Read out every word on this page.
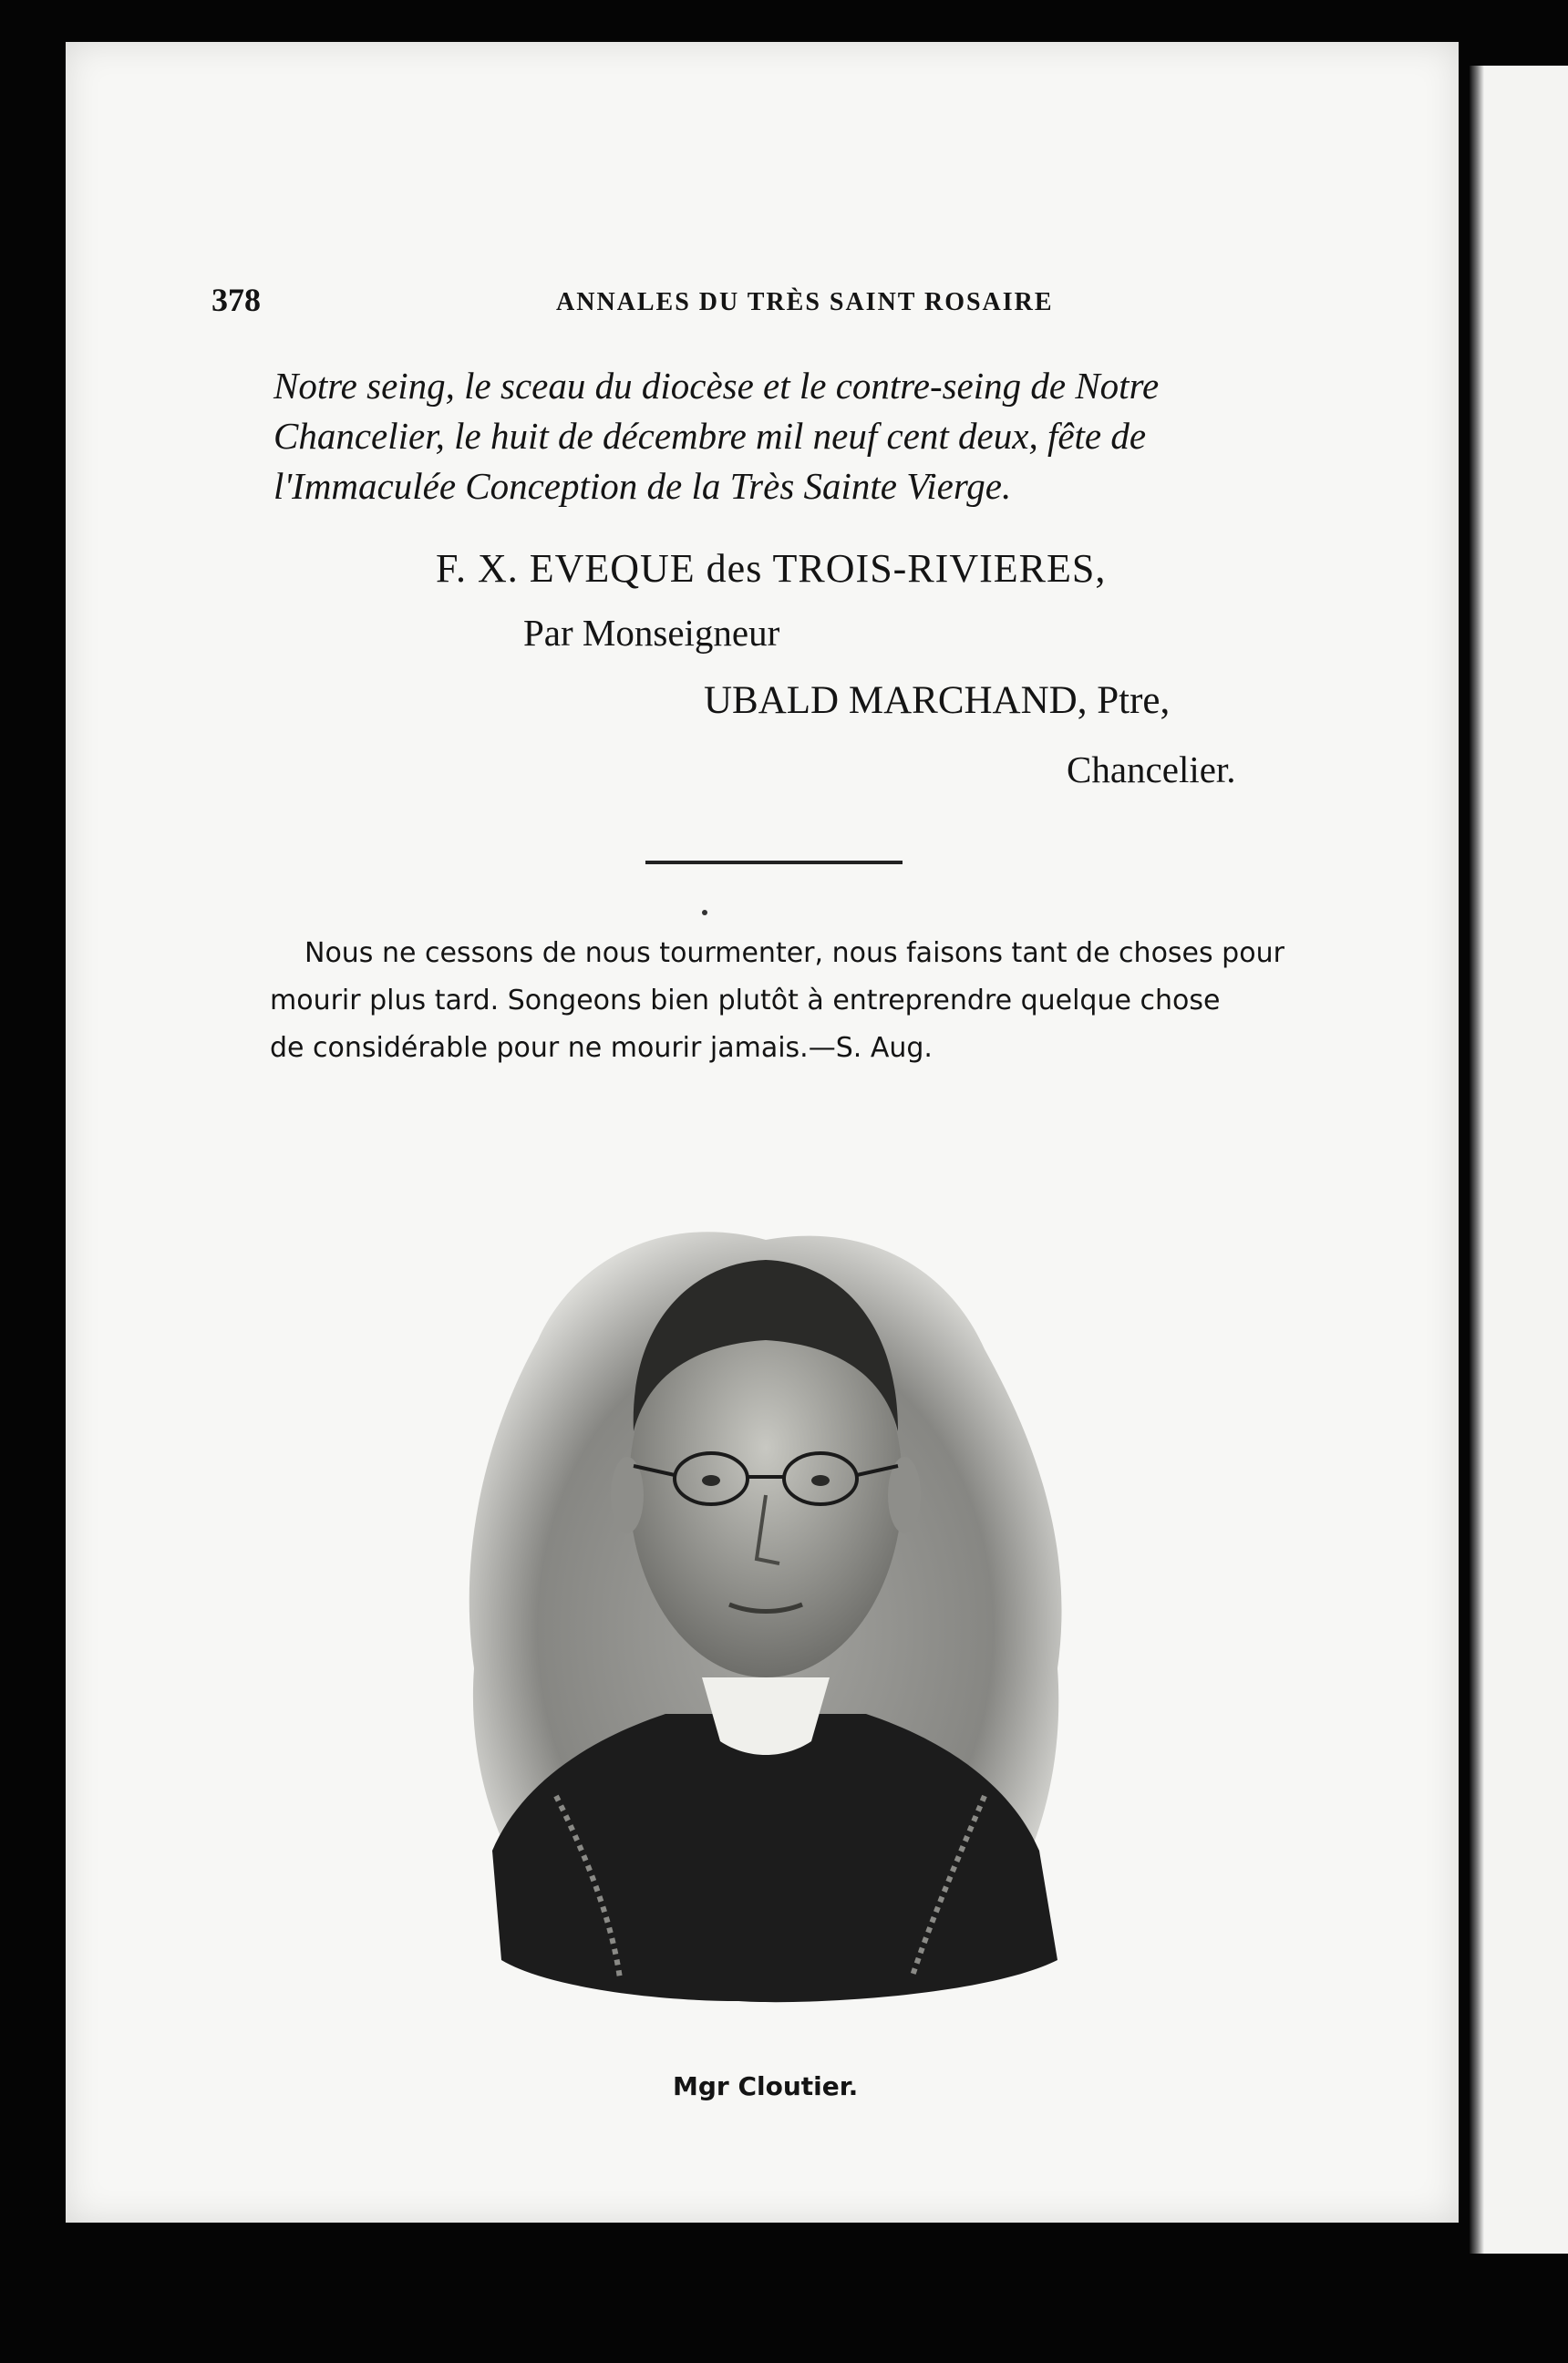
378	ANNALES DU TRÈS SAINT ROSAIRE

Notre seing, le sceau du diocèse et le contre-seing de Notre

Chancelier, le huit de décembre mil neuf cent deux, fête de

l'Immaculée Conception de la Très Sainte Vierge.

F. X. EVEQUE des TROIS-RIVIERES,
Par Monseigneur
UBALD MARCHAND, Ptre,
Chancelier.

Nous ne cessons de nous tourmenter, nous faisons tant de choses pour

mourir plus tard. Songeons bien plutôt à entreprendre quelque chose

de considérable pour ne mourir jamais.—S. Aug.

Mgr Cloutier.
